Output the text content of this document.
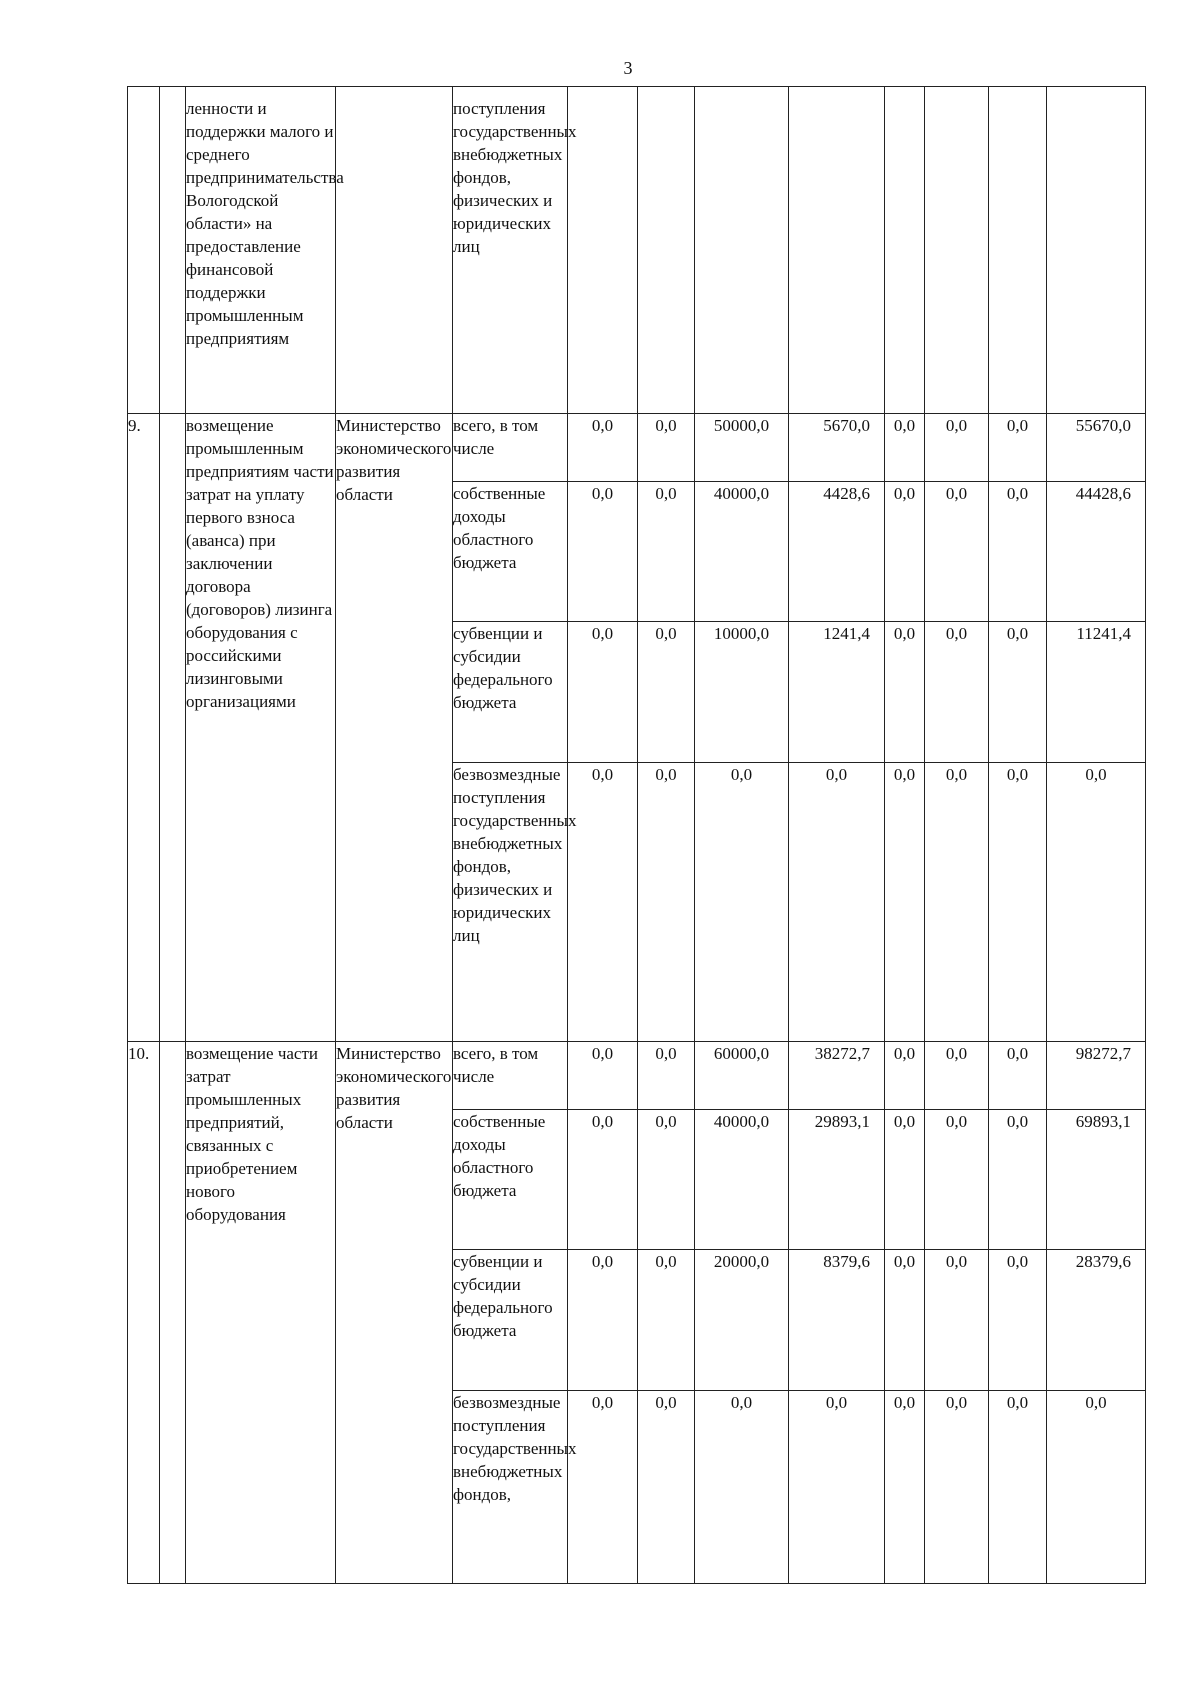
3
		ленности и поддержки малого и среднего предпринимательства Вологодской области» на предоставление финансовой поддержки промышленным предприятиям		поступления государственных внебюджетных фондов, физических и юридических лиц								
9.		возмещение промышленным предприятиям части затрат на уплату первого взноса (аванса) при заключении договора (договоров) лизинга оборудования с российскими лизинговыми организациями	Министерство экономического развития области	всего, в том числе	0,0	0,0	50000,0	5670,0	0,0	0,0	0,0	55670,0
				собственные доходы областного бюджета	0,0	0,0	40000,0	4428,6	0,0	0,0	0,0	44428,6
				субвенции и субсидии федерального бюджета	0,0	0,0	10000,0	1241,4	0,0	0,0	0,0	11241,4
				безвозмездные поступления государственных внебюджетных фондов, физических и юридических лиц	0,0	0,0	0,0	0,0	0,0	0,0	0,0	0,0
10.		возмещение части затрат промышленных предприятий, связанных с приобретением нового оборудования	Министерство экономического развития области	всего, в том числе	0,0	0,0	60000,0	38272,7	0,0	0,0	0,0	98272,7
				собственные доходы областного бюджета	0,0	0,0	40000,0	29893,1	0,0	0,0	0,0	69893,1
				субвенции и субсидии федерального бюджета	0,0	0,0	20000,0	8379,6	0,0	0,0	0,0	28379,6
				безвозмездные поступления государственных внебюджетных фондов,	0,0	0,0	0,0	0,0	0,0	0,0	0,0	0,0
